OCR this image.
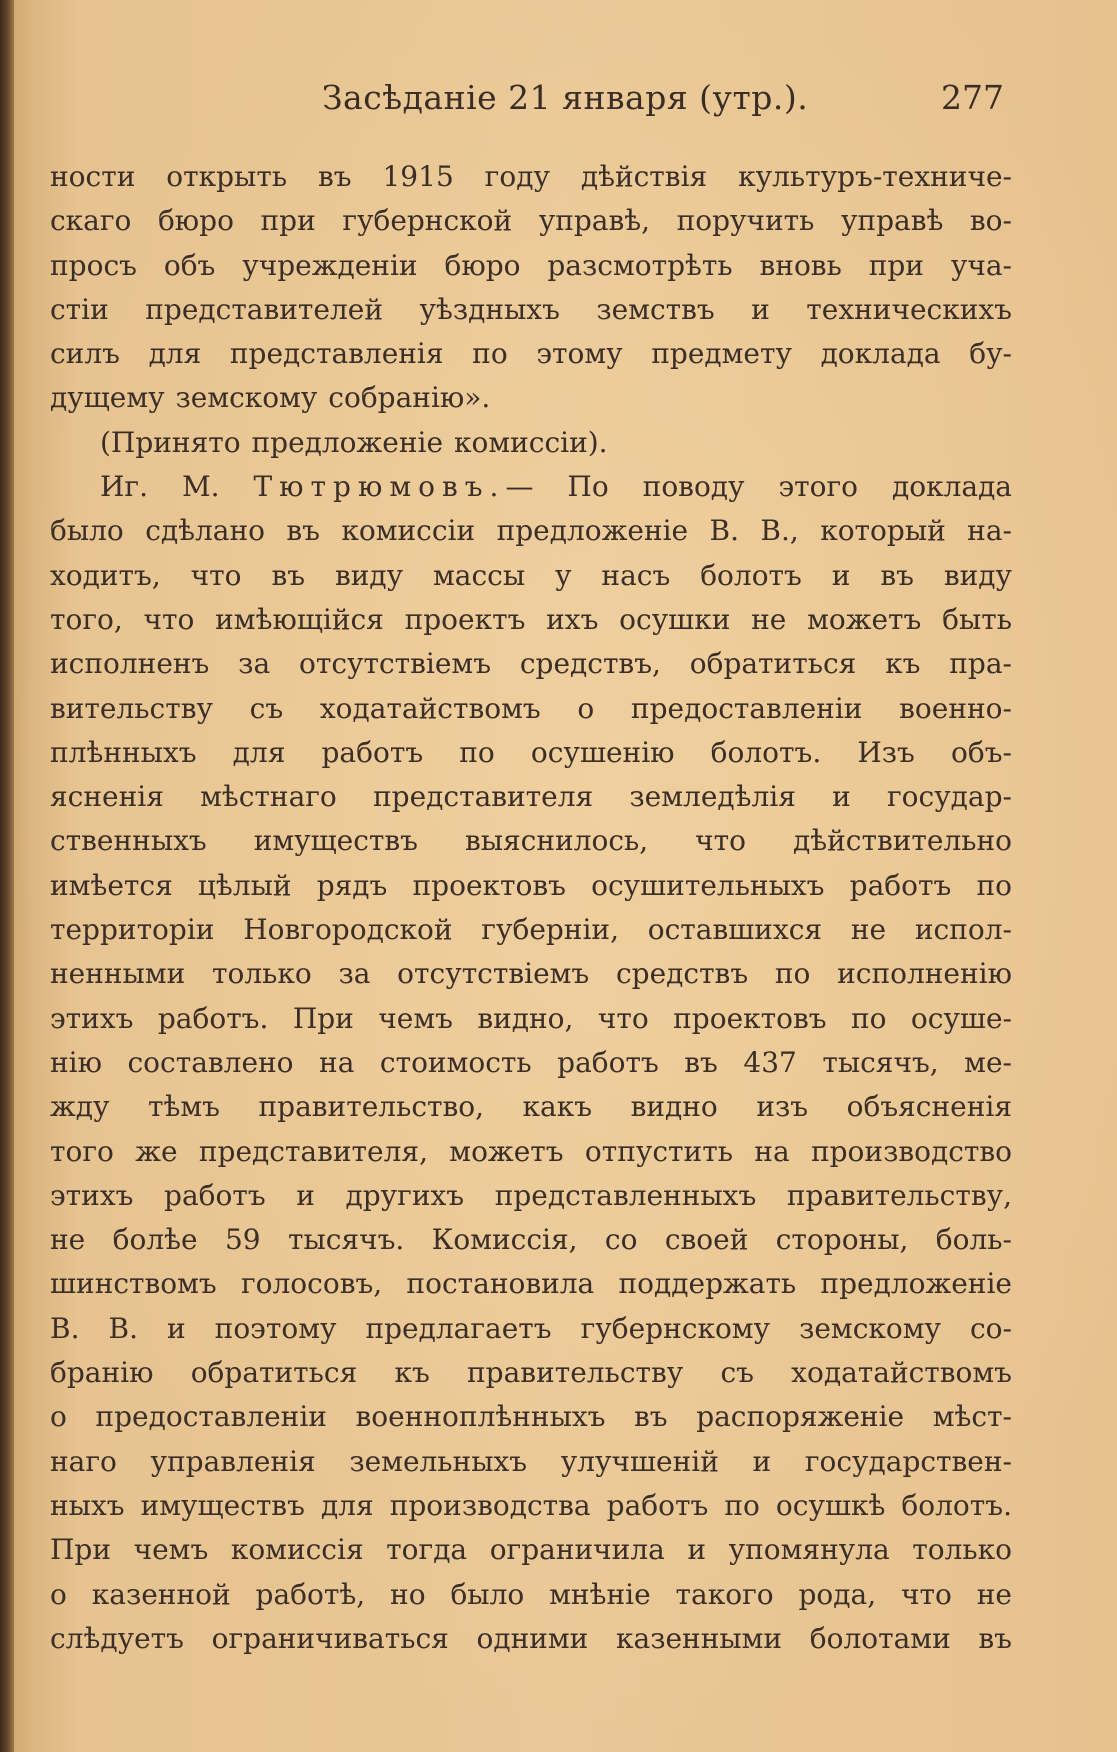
Засѣданіе 21 января (утр.).	277
ности открыть въ 1915 году дѣйствія культуръ-техниче-
скаго бюро при губернской управѣ, поручить управѣ во-
просъ объ учрежденіи бюро разсмотрѣть вновь при уча-
стіи представителей уѣздныхъ земствъ и техническихъ
силъ для представленія по этому предмету доклада бу-
дущему земскому собранію».
(Принято предложеніе комиссіи).
Иг. М. Тютрюмовъ.— По поводу этого доклада
было сдѣлано въ комиссіи предложеніе В. В., который на-
ходитъ, что въ виду массы у насъ болотъ и въ виду
того, что имѣющійся проектъ ихъ осушки не можетъ быть
исполненъ за отсутствіемъ средствъ, обратиться къ пра-
вительству съ ходатайствомъ о предоставленіи военно-
плѣнныхъ для работъ по осушенію болотъ. Изъ объ-
ясненія мѣстнаго представителя земледѣлія и государ-
ственныхъ имуществъ выяснилось, что дѣйствительно
имѣется цѣлый рядъ проектовъ осушительныхъ работъ по
территоріи Новгородской губерніи, оставшихся не испол-
ненными только за отсутствіемъ средствъ по исполненію
этихъ работъ. При чемъ видно, что проектовъ по осуше-
нію составлено на стоимость работъ въ 437 тысячъ, ме-
жду тѣмъ правительство, какъ видно изъ объясненія
того же представителя, можетъ отпустить на производство
этихъ работъ и другихъ представленныхъ правительству,
не болѣе 59 тысячъ. Комиссія, со своей стороны, боль-
шинствомъ голосовъ, постановила поддержать предложеніе
В. В. и поэтому предлагаетъ губернскому земскому со-
бранію обратиться къ правительству съ ходатайствомъ
о предоставленіи военноплѣнныхъ въ распоряженіе мѣст-
наго управленія земельныхъ улучшеній и государствен-
ныхъ имуществъ для производства работъ по осушкѣ болотъ.
При чемъ комиссія тогда ограничила и упомянула только
о казенной работѣ, но было мнѣніе такого рода, что не
слѣдуетъ ограничиваться одними казенными болотами въ
